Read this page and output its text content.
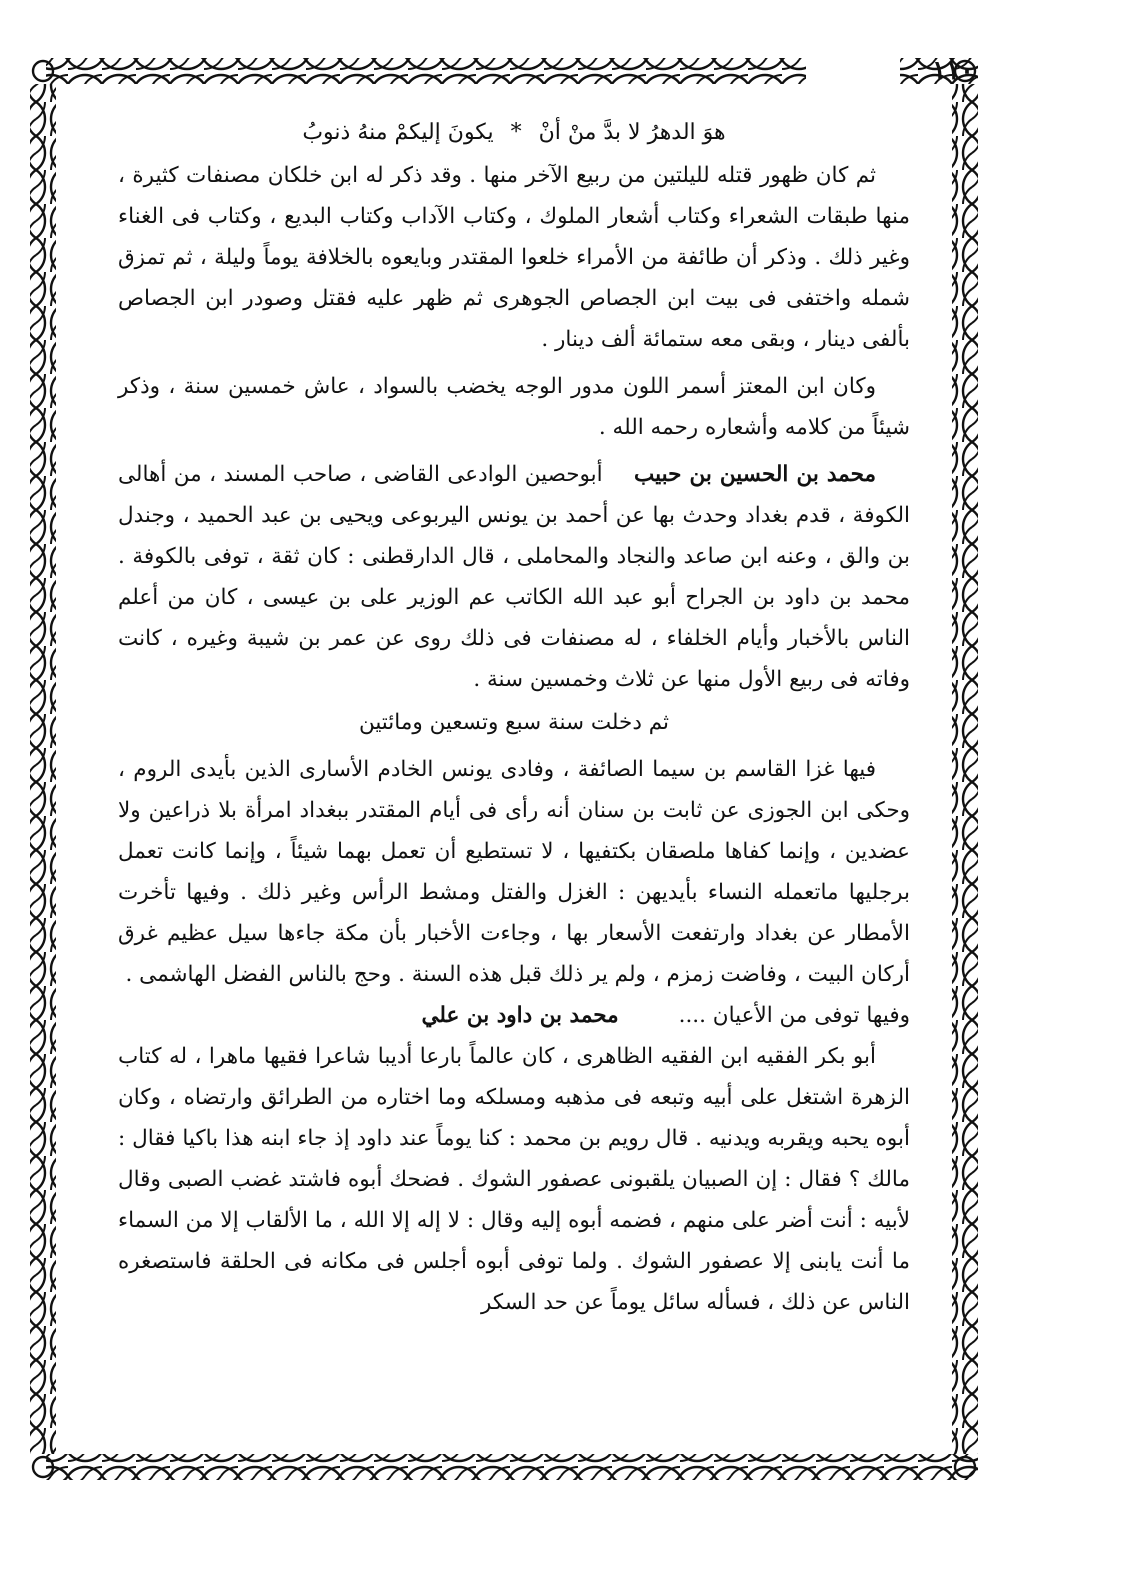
١١٠
هوَ الدهرُ لا بدَّ منْ أنْ * يكونَ إليكمْ منهُ ذنوبُ

ثم كان ظهور قتله لليلتين من ربيع الآخر منها . وقد ذكر له ابن خلكان مصنفات كثيرة ، منها طبقات الشعراء وكتاب أشعار الملوك ، وكتاب الآداب وكتاب البديع ، وكتاب فى الغناء وغير ذلك . وذكر أن طائفة من الأمراء خلعوا المقتدر وبايعوه بالخلافة يوماً وليلة ، ثم تمزق شمله واختفى فى بيت ابن الجصاص الجوهرى ثم ظهر عليه فقتل وصودر ابن الجصاص بألفى دينار ، وبقى معه ستمائة ألف دينار .

وكان ابن المعتز أسمر اللون مدور الوجه يخضب بالسواد ، عاش خمسين سنة ، وذكر شيئاً من كلامه وأشعاره رحمه الله .

محمد بن الحسين بن حبيب أبوحصين الوادعى القاضى ، صاحب المسند ، من أهالى الكوفة ، قدم بغداد وحدث بها عن أحمد بن يونس اليربوعى ويحيى بن عبد الحميد ، وجندل بن والق ، وعنه ابن صاعد والنجاد والمحاملى ، قال الدارقطنى : كان ثقة ، توفى بالكوفة . محمد بن داود بن الجراح أبو عبد الله الكاتب عم الوزير على بن عيسى ، كان من أعلم الناس بالأخبار وأيام الخلفاء ، له مصنفات فى ذلك روى عن عمر بن شيبة وغيره ، كانت وفاته فى ربيع الأول منها عن ثلاث وخمسين سنة .

ثم دخلت سنة سبع وتسعين ومائتين

فيها غزا القاسم بن سيما الصائفة ، وفادى يونس الخادم الأسارى الذين بأيدى الروم ، وحكى ابن الجوزى عن ثابت بن سنان أنه رأى فى أيام المقتدر ببغداد امرأة بلا ذراعين ولا عضدين ، وإنما كفاها ملصقان بكتفيها ، لا تستطيع أن تعمل بهما شيئاً ، وإنما كانت تعمل برجليها ماتعمله النساء بأيديهن : الغزل والفتل ومشط الرأس وغير ذلك . وفيها تأخرت الأمطار عن بغداد وارتفعت الأسعار بها ، وجاءت الأخبار بأن مكة جاءها سيل عظيم غرق أركان البيت ، وفاضت زمزم ، ولم ير ذلك قبل هذه السنة . وحج بالناس الفضل الهاشمى .

وفيها توفى من الأعيان ....
محمد بن داود بن علي

أبو بكر الفقيه ابن الفقيه الظاهرى ، كان عالماً بارعا أديبا شاعرا فقيها ماهرا ، له كتاب الزهرة اشتغل على أبيه وتبعه فى مذهبه ومسلكه وما اختاره من الطرائق وارتضاه ، وكان أبوه يحبه ويقربه ويدنيه . قال رويم بن محمد : كنا يوماً عند داود إذ جاء ابنه هذا باكيا فقال : مالك ؟ فقال : إن الصبيان يلقبونى عصفور الشوك . فضحك أبوه فاشتد غضب الصبى وقال لأبيه : أنت أضر على منهم ، فضمه أبوه إليه وقال : لا إله إلا الله ، ما الألقاب إلا من السماء ما أنت يابنى إلا عصفور الشوك . ولما توفى أبوه أجلس فى مكانه فى الحلقة فاستصغره الناس عن ذلك ، فسأله سائل يوماً عن حد السكر
